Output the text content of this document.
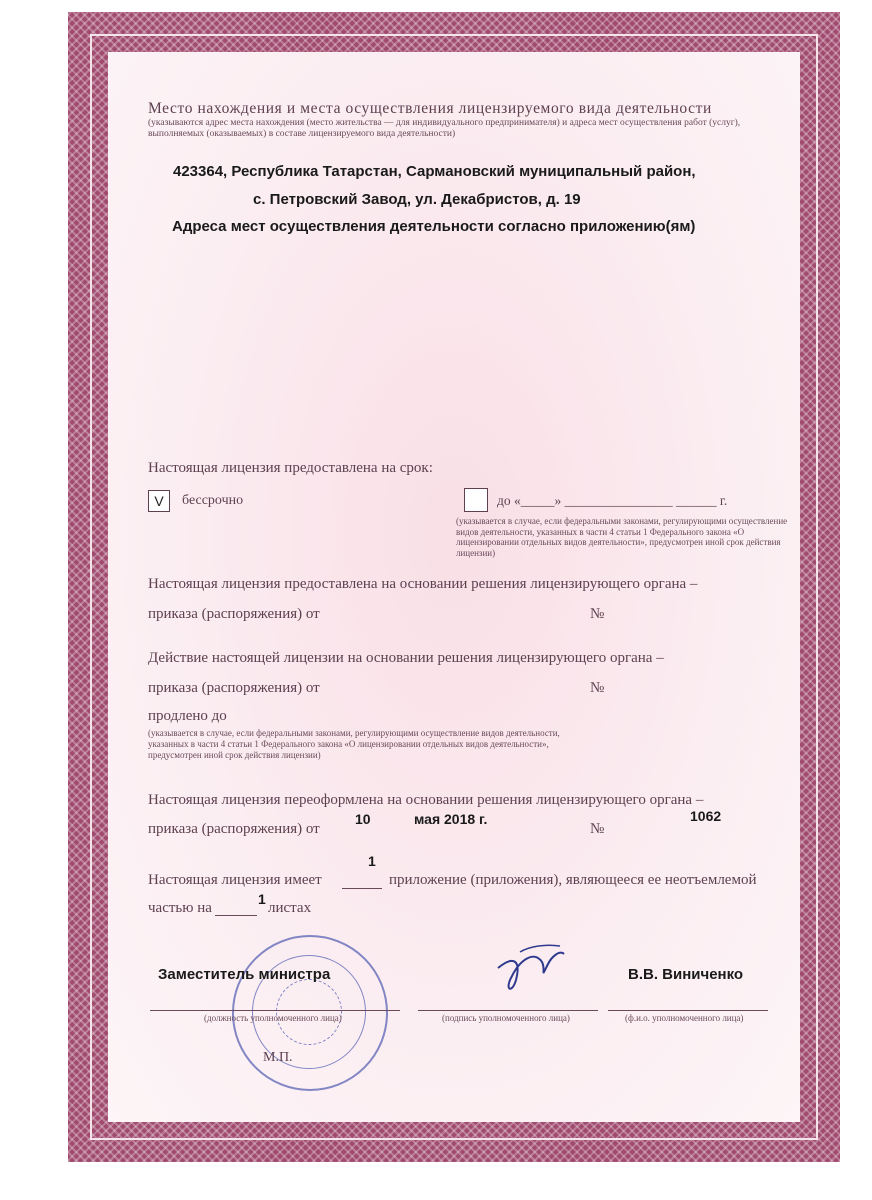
Место нахождения и места осуществления лицензируемого вида деятельности
(указываются адрес места нахождения (место жительства — для индивидуального предпринимателя) и адреса мест осуществления работ (услуг), выполняемых (оказываемых) в составе лицензируемого вида деятельности)
423364, Республика Татарстан, Сармановский муниципальный район,
с. Петровский Завод, ул. Декабристов, д. 19
Адреса мест осуществления деятельности согласно приложению(ям)
Настоящая лицензия предоставлена на срок:
V	бессрочно	до «_____» ________________ ______ г.
(указывается в случае, если федеральными законами, регулирующими осуществление видов деятельности, указанных в части 4 статьи 1 Федерального закона «О лицензировании отдельных видов деятельности», предусмотрен иной срок действия лицензии)
Настоящая лицензия предоставлена на основании решения лицензирующего органа –
приказа (распоряжения) от	№
Действие настоящей лицензии на основании решения лицензирующего органа –
приказа (распоряжения) от	№
продлено до
(указывается в случае, если федеральными законами, регулирующими осуществление видов деятельности, указанных в части 4 статьи 1 Федерального закона «О лицензировании отдельных видов деятельности», предусмотрен иной срок действия лицензии)
Настоящая лицензия переоформлена на основании решения лицензирующего органа –
приказа (распоряжения) от
10	мая 2018 г.
№
1062
1
Настоящая лицензия имеет	приложение (приложения), являющееся ее неотъемлемой
частью на
1
листах
Заместитель министра
(должность уполномоченного лица)	(подпись уполномоченного лица)
В.В. Виниченко
(ф.и.о. уполномоченного лица)
М.П.
